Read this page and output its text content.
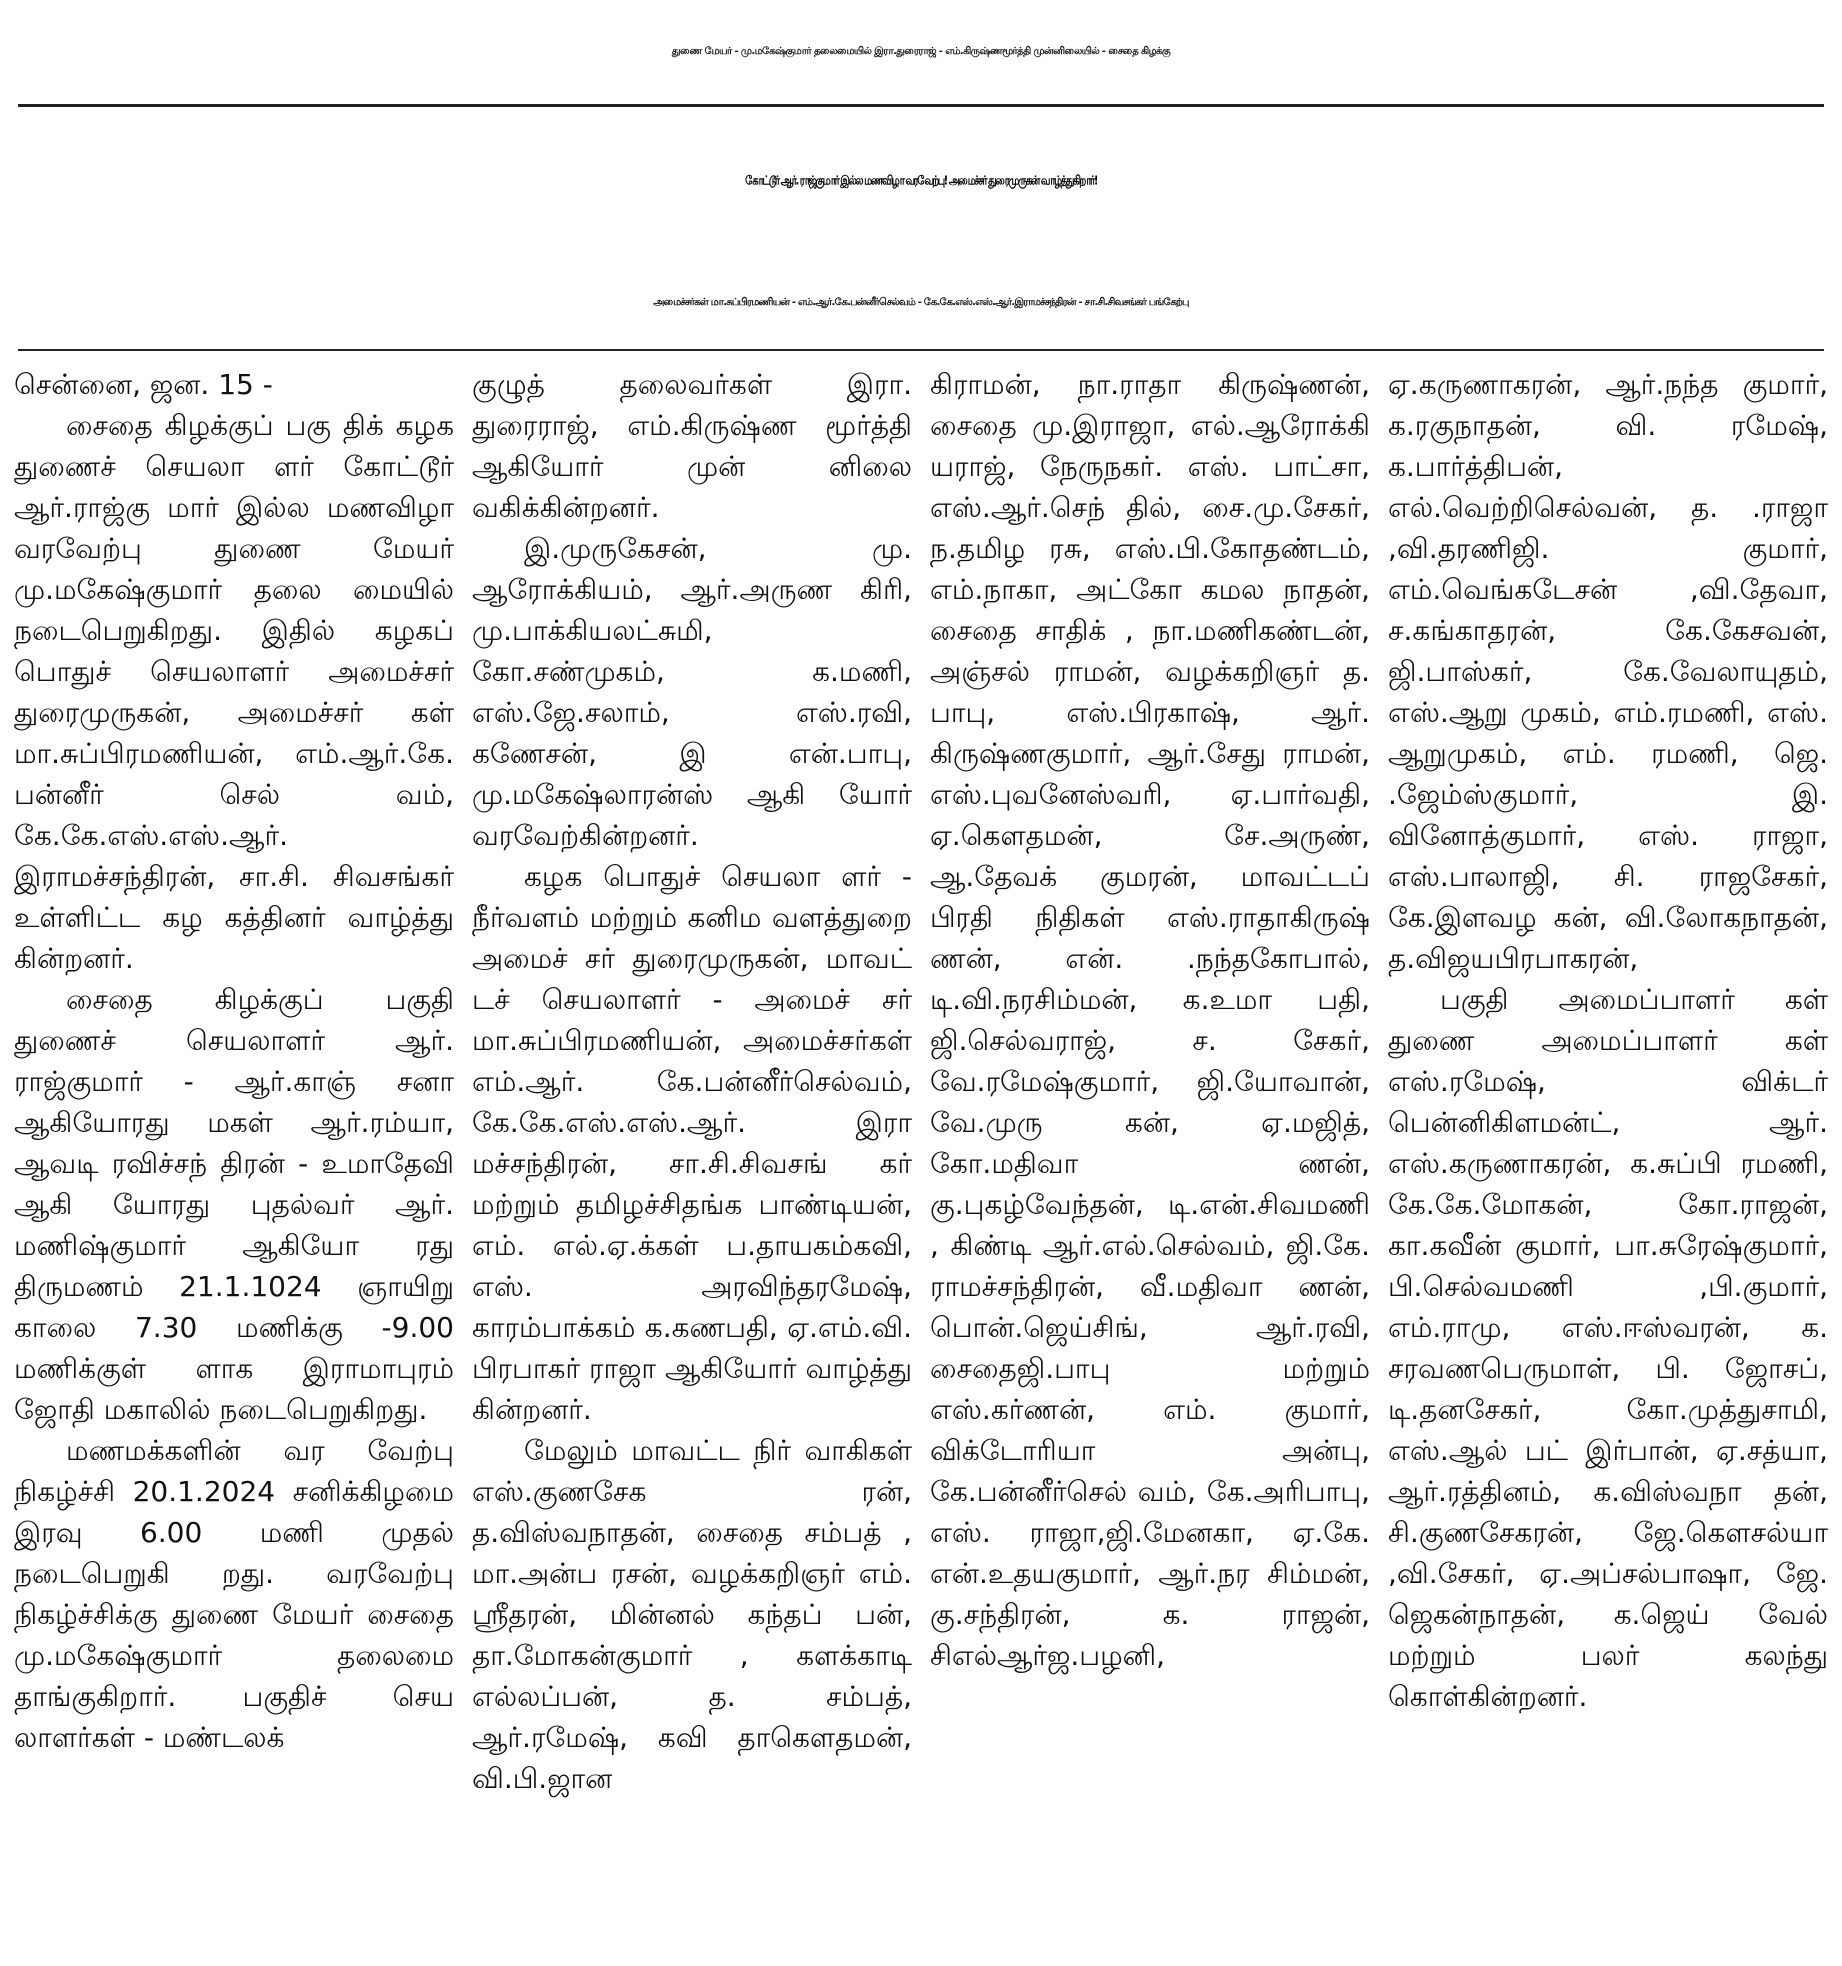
துணை மேயர் - மு.மகேஷ்குமார் தலைமையில் இரா.துரைராஜ் - எம்.கிருஷ்ணமூர்த்தி முன்னிலையில் - சைதை கிழக்கு
கோட்டூர் ஆர். ராஜ்குமார் இல்ல மணவிழா வரவேற்பு! அமைச்சர் துரைமுருகன் வாழ்த்துகிறார்!
அமைச்சர்கள் மா.சுப்பிரமணியன் - எம்.ஆர்.கே.பன்னீர்செல்வம் - கே.கே.எஸ்.எஸ்.ஆர்.இராமச்சந்திரன் - சா.சி.சிவசங்கர் பங்கேற்பு

சென்னை, ஜன. 15 -

சைதை கிழக்குப் பகு திக் கழக துணைச் செயலா ளர் கோட்டூர் ஆர்.ராஜ்கு மார் இல்ல மணவிழா வரவேற்பு துணை மேயர் மு.மகேஷ்குமார் தலை மையில் நடைபெறுகிறது. இதில் கழகப் பொதுச் செயலாளர் அமைச்சர் துரைமுருகன், அமைச்சர் கள் மா.சுப்பிரமணியன், எம்.ஆர்.கே. பன்னீர் செல் வம், கே.கே.எஸ்.எஸ்.ஆர். இராமச்சந்திரன், சா.சி. சிவசங்கர் உள்ளிட்ட கழ கத்தினர் வாழ்த்து கின்றனர்.

சைதை கிழக்குப் பகுதி துணைச் செயலாளர் ஆர். ராஜ்குமார் - ஆர்.காஞ் சனா ஆகியோரது மகள் ஆர்.ரம்யா, ஆவடி ரவிச்சந் திரன் - உமாதேவி ஆகி யோரது புதல்வர் ஆர். மணிஷ்குமார் ஆகியோ ரது திருமணம் 21.1.1024 ஞாயிறு காலை 7.30 மணிக்கு -9.00 மணிக்குள் ளாக இராமாபுரம் ஜோதி மகாலில் நடைபெறுகிறது.

மணமக்களின் வர வேற்பு நிகழ்ச்சி 20.1.2024 சனிக்கிழமை இரவு 6.00 மணி முதல் நடைபெறுகி றது. வரவேற்பு நிகழ்ச்சிக்கு துணை மேயர் சைதை மு.மகேஷ்குமார் தலைமை தாங்குகிறார். பகுதிச் செய லாளர்கள் - மண்டலக்

குழுத் தலைவர்கள் இரா. துரைராஜ், எம்.கிருஷ்ண மூர்த்தி ஆகியோர் முன் னிலை வகிக்கின்றனர்.

இ.முருகேசன், மு. ஆரோக்கியம், ஆர்.அருண கிரி, மு.பாக்கியலட்சுமி, கோ.சண்முகம், க.மணி, எஸ்.ஜே.சலாம், எஸ்.ரவி, கணேசன், இ என்.பாபு, மு.மகேஷ்லாரன்ஸ் ஆகி யோர் வரவேற்கின்றனர்.

கழக பொதுச் செயலா ளர் - நீர்வளம் மற்றும் கனிம வளத்துறை அமைச் சர் துரைமுருகன், மாவட் டச் செயலாளர் - அமைச் சர் மா.சுப்பிரமணியன், அமைச்சர்கள் எம்.ஆர். கே.பன்னீர்செல்வம், கே.கே.எஸ்.எஸ்.ஆர். இரா மச்சந்திரன், சா.சி.சிவசங் கர் மற்றும் தமிழச்சிதங்க பாண்டியன், எம். எல்.ஏ.க்கள் ப.தாயகம்கவி, எஸ். அரவிந்தரமேஷ், காரம்பாக்கம் க.கணபதி, ஏ.எம்.வி. பிரபாகர் ராஜா ஆகியோர் வாழ்த்து கின்றனர்.

மேலும் மாவட்ட நிர் வாகிகள் எஸ்.குணசேக ரன், த.விஸ்வநாதன், சைதை சம்பத் , மா.அன்ப ரசன், வழக்கறிஞர் எம். ஸ்ரீதரன், மின்னல் கந்தப் பன், தா.மோகன்குமார் , களக்காடி எல்லப்பன், த. சம்பத், ஆர்.ரமேஷ், கவி தாகௌதமன், வி.பி.ஜான

கிராமன், நா.ராதா கிருஷ்ணன், சைதை மு.இராஜா, எல்.ஆரோக்கி யராஜ், நேருநகர். எஸ். பாட்சா, எஸ்.ஆர்.செந் தில், சை.மு.சேகர், ந.தமிழ ரசு, எஸ்.பி.கோதண்டம், எம்.நாகா, அட்கோ கமல நாதன், சைதை சாதிக் , நா.மணிகண்டன், அஞ்சல் ராமன், வழக்கறிஞர் த. பாபு, எஸ்.பிரகாஷ், ஆர். கிருஷ்ணகுமார், ஆர்.சேது ராமன், எஸ்.புவனேஸ்வரி, ஏ.பார்வதி, ஏ.கௌதமன், சே.அருண், ஆ.தேவக் குமரன், மாவட்டப் பிரதி நிதிகள் எஸ்.ராதாகிருஷ் ணன், என். .நந்தகோபால், டி.வி.நரசிம்மன், க.உமா பதி, ஜி.செல்வராஜ், ச. சேகர், வே.ரமேஷ்குமார், ஜி.யோவான், வே.முரு கன், ஏ.மஜித், கோ.மதிவா ணன், கு.புகழ்வேந்தன், டி.என்.சிவமணி , கிண்டி ஆர்.எல்.செல்வம், ஜி.கே. ராமச்சந்திரன், வீ.மதிவா ணன், பொன்.ஜெய்சிங், ஆர்.ரவி, சைதைஜி.பாபு மற்றும் எஸ்.கர்ணன், எம். குமார், விக்டோரியா அன்பு, கே.பன்னீர்செல் வம், கே.அரிபாபு, எஸ். ராஜா,ஜி.மேனகா, ஏ.கே. என்.உதயகுமார், ஆர்.நர சிம்மன், கு.சந்திரன், க. ராஜன், சிஎல்ஆர்ஜ.பழனி,

ஏ.கருணாகரன், ஆர்.நந்த குமார், க.ரகுநாதன், வி. ரமேஷ், க.பார்த்திபன், எல்.வெற்றிசெல்வன், த. .ராஜா ,வி.தரணிஜி. குமார், எம்.வெங்கடேசன் ,வி.தேவா, ச.கங்காதரன், கே.கேசவன், ஜி.பாஸ்கர், கே.வேலாயுதம், எஸ்.ஆறு முகம், எம்.ரமணி, எஸ். ஆறுமுகம், எம். ரமணி, ஜெ. .ஜேம்ஸ்குமார், இ. வினோத்குமார், எஸ். ராஜா, எஸ்.பாலாஜி, சி. ராஜசேகர், கே.இளவழ கன், வி.லோகநாதன், த.விஜயபிரபாகரன்,

பகுதி அமைப்பாளர் கள் துணை அமைப்பாளர் கள் எஸ்.ரமேஷ், விக்டர் பென்னிகிளமன்ட், ஆர். எஸ்.கருணாகரன், க.சுப்பி ரமணி, கே.கே.மோகன், கோ.ராஜன், கா.கவீன் குமார், பா.சுரேஷ்குமார், பி.செல்வமணி ,பி.குமார், எம்.ராமு, எஸ்.ஈஸ்வரன், க. சரவணபெருமாள், பி. ஜோசப், டி.தனசேகர், கோ.முத்துசாமி, எஸ்.ஆல் பட் இர்பான், ஏ.சத்யா, ஆர்.ரத்தினம், க.விஸ்வநா தன், சி.குணசேகரன், ஜே.கௌசல்யா ,வி.சேகர், ஏ.அப்சல்பாஷா, ஜே. ஜெகன்நாதன், க.ஜெய் வேல் மற்றும் பலர் கலந்து கொள்கின்றனர்.
